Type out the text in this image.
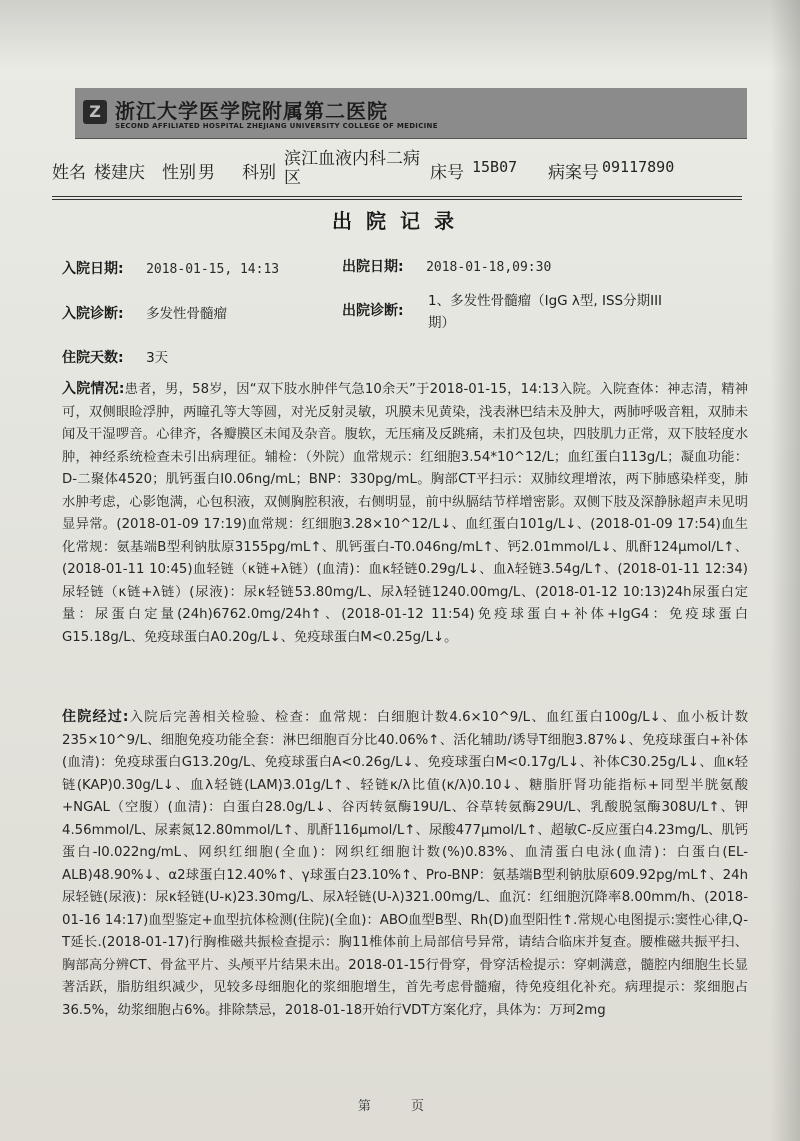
Z 浙江大学医学院附属第二医院
SECOND AFFILIATED HOSPITAL ZHEJIANG UNIVERSITY COLLEGE OF MEDICINE
姓名 楼建庆 性别 男 科别
滨江血液内科二病
区	床号 15B07 病案号 09117890
出院记录
入院日期: 2018-01-15, 14:13	出院日期: 2018-01-18,09:30
入院诊断: 多发性骨髓瘤	出院诊断:
1、多发性骨髓瘤（IgG λ型, ISS分期III
期）
住院天数: 3天
入院情况:患者，男，58岁，因“双下肢水肿伴气急10余天”于2018-01-15，14:13入院。入院查体：神志清，精神可，双侧眼睑浮肿，两瞳孔等大等圆，对光反射灵敏，巩膜未见黄染，浅表淋巴结未及肿大，两肺呼吸音粗，双肺未闻及干湿啰音。心律齐，各瓣膜区未闻及杂音。腹软，无压痛及反跳痛，未扪及包块，四肢肌力正常，双下肢轻度水肿，神经系统检查未引出病理征。辅检：（外院）血常规示：红细胞3.54*10^12/L；血红蛋白113g/L；凝血功能：D-二聚体4520；肌钙蛋白I0.06ng/mL；BNP：330pg/mL。胸部CT平扫示：双肺纹理增浓，两下肺感染样变，肺水肿考虑，心影饱满，心包积液，双侧胸腔积液，右侧明显，前中纵膈结节样增密影。双侧下肢及深静脉超声未见明显异常。(2018-01-09 17:19)血常规：红细胞3.28×10^12/L↓、血红蛋白101g/L↓、(2018-01-09 17:54)血生化常规：氨基端B型利钠肽原3155pg/mL↑、肌钙蛋白-T0.046ng/mL↑、钙2.01mmol/L↓、肌酐124μmol/L↑、(2018-01-11 10:45)血轻链（κ链+λ链）(血清)：血κ轻链0.29g/L↓、血λ轻链3.54g/L↑、(2018-01-11 12:34)尿轻链（κ链+λ链）(尿液)：尿κ轻链53.80mg/L、尿λ轻链1240.00mg/L、(2018-01-12 10:13)24h尿蛋白定量：尿蛋白定量(24h)6762.0mg/24h↑、(2018-01-12 11:54)免疫球蛋白+补体+IgG4：免疫球蛋白G15.18g/L、免疫球蛋白A0.20g/L↓、免疫球蛋白M<0.25g/L↓。
住院经过:入院后完善相关检验、检查：血常规：白细胞计数4.6×10^9/L、血红蛋白100g/L↓、血小板计数235×10^9/L、细胞免疫功能全套：淋巴细胞百分比40.06%↑、活化辅助/诱导T细胞3.87%↓、免疫球蛋白+补体(血清)：免疫球蛋白G13.20g/L、免疫球蛋白A<0.26g/L↓、免疫球蛋白M<0.17g/L↓、补体C30.25g/L↓、血κ轻链(KAP)0.30g/L↓、血λ轻链(LAM)3.01g/L↑、轻链κ/λ比值(κ/λ)0.10↓、糖脂肝肾功能指标+同型半胱氨酸+NGAL（空腹）(血清)：白蛋白28.0g/L↓、谷丙转氨酶19U/L、谷草转氨酶29U/L、乳酸脱氢酶308U/L↑、钾4.56mmol/L、尿素氮12.80mmol/L↑、肌酐116μmol/L↑、尿酸477μmol/L↑、超敏C-反应蛋白4.23mg/L、肌钙蛋白-I0.022ng/mL、网织红细胞(全血)：网织红细胞计数(%)0.83%、血清蛋白电泳(血清)：白蛋白(EL-ALB)48.90%↓、α2球蛋白12.40%↑、γ球蛋白23.10%↑、Pro-BNP：氨基端B型利钠肽原609.92pg/mL↑、24h尿轻链(尿液)：尿κ轻链(U-κ)23.30mg/L、尿λ轻链(U-λ)321.00mg/L、血沉：红细胞沉降率8.00mm/h、(2018-01-16 14:17)血型鉴定+血型抗体检测(住院)(全血)：ABO血型B型、Rh(D)血型阳性↑.常规心电图提示:窦性心律,Q-T延长.(2018-01-17)行胸椎磁共振检查提示：胸11椎体前上局部信号异常，请结合临床并复查。腰椎磁共振平扫、胸部高分辨CT、骨盆平片、头颅平片结果未出。2018-01-15行骨穿，骨穿活检提示：穿刺满意，髓腔内细胞生长显著活跃，脂肪组织减少，见较多母细胞化的浆细胞增生，首先考虑骨髓瘤，待免疫组化补充。病理提示：浆细胞占36.5%，幼浆细胞占6%。排除禁忌，2018-01-18开始行VDT方案化疗，具体为：万珂2mg
第 页
